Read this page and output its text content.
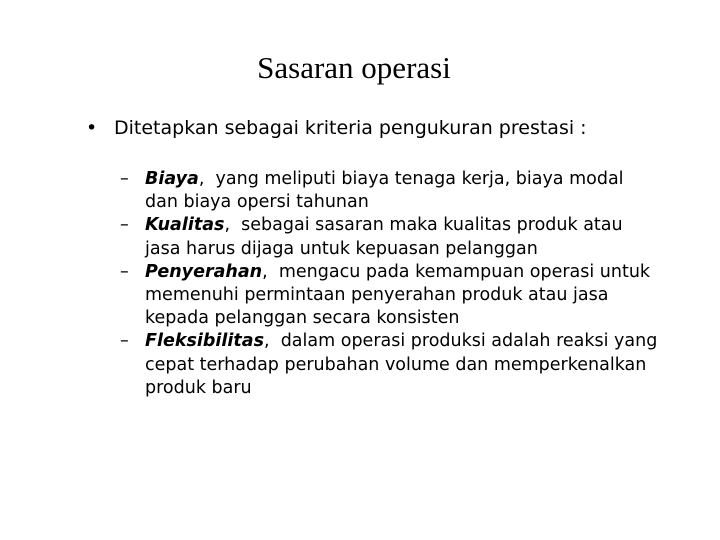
Sasaran operasi
• Ditetapkan sebagai kriteria pengukuran prestasi :
– Biaya,  yang meliputi biaya tenaga kerja, biaya modal dan biaya opersi tahunan
– Kualitas,  sebagai sasaran maka kualitas produk atau jasa harus dijaga untuk kepuasan pelanggan
– Penyerahan,  mengacu pada kemampuan operasi untuk memenuhi permintaan penyerahan produk atau jasa kepada pelanggan secara konsisten
– Fleksibilitas,  dalam operasi produksi adalah reaksi yang cepat terhadap perubahan volume dan memperkenalkan produk baru
